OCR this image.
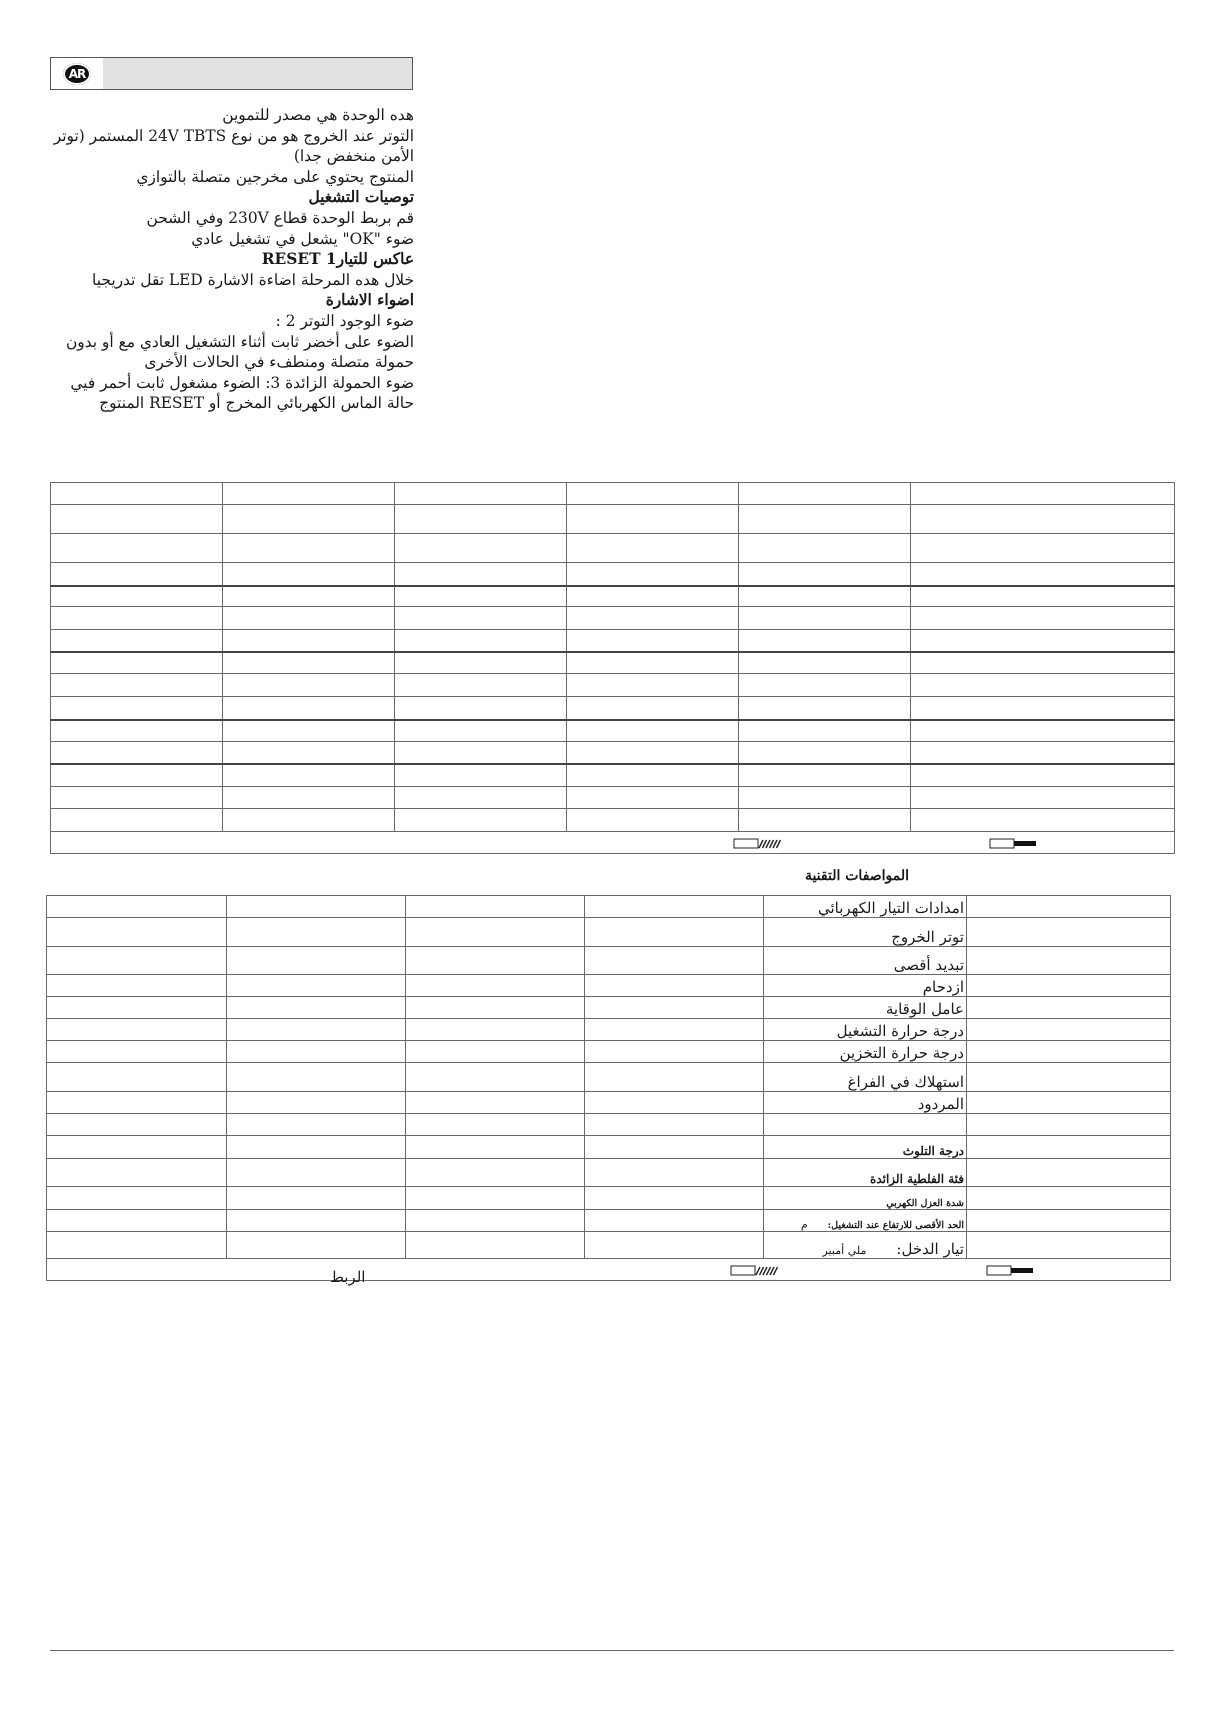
AR

هده الوحدة هي مصدر للتموين

التوتر عند الخروج هو من نوع 24V TBTS المستمر (توتر

الأمن منخفض جدا)

المنتوج يحتوي على مخرجين متصلة بالتوازي

توصيات التشغيل

قم بربط الوحدة قطاع 230V وفي الشحن

ضوء "OK" يشعل في تشغيل عادي

عاكس للتيار1 RESET

خلال هده المرحلة اضاءة الاشارة LED تقل تدريجيا

اضواء الاشارة

ضوء الوجود التوتر 2 :

الضوء على أخضر ثابت أثناء التشغيل العادي مع أو بدون

حمولة متصلة ومنطفء في الحالات الأخرى

ضوء الحمولة الزائدة 3: الضوء مشغول ثابت أحمر فيي

حالة الماس الكهربائي المخرج أو RESET المنتوج

المواصفات التقنية
				امدادات التيار الكهربائي	
				توتر الخروج	
				تبديد أقصى	
				ازدحام	
				عامل الوقاية	
				درجة حرارة التشغيل	
				درجة حرارة التخزين	
				استهلاك في الفراغ	
				المردود	

				درجة التلوث	
				فئة الفلطية الزائدة	
				شدة العزل الكهربي	
				الحد الأقصى للارتفاع عند التشغيل:م	
				تيار الدخل:ملي أمبير	

الربط
